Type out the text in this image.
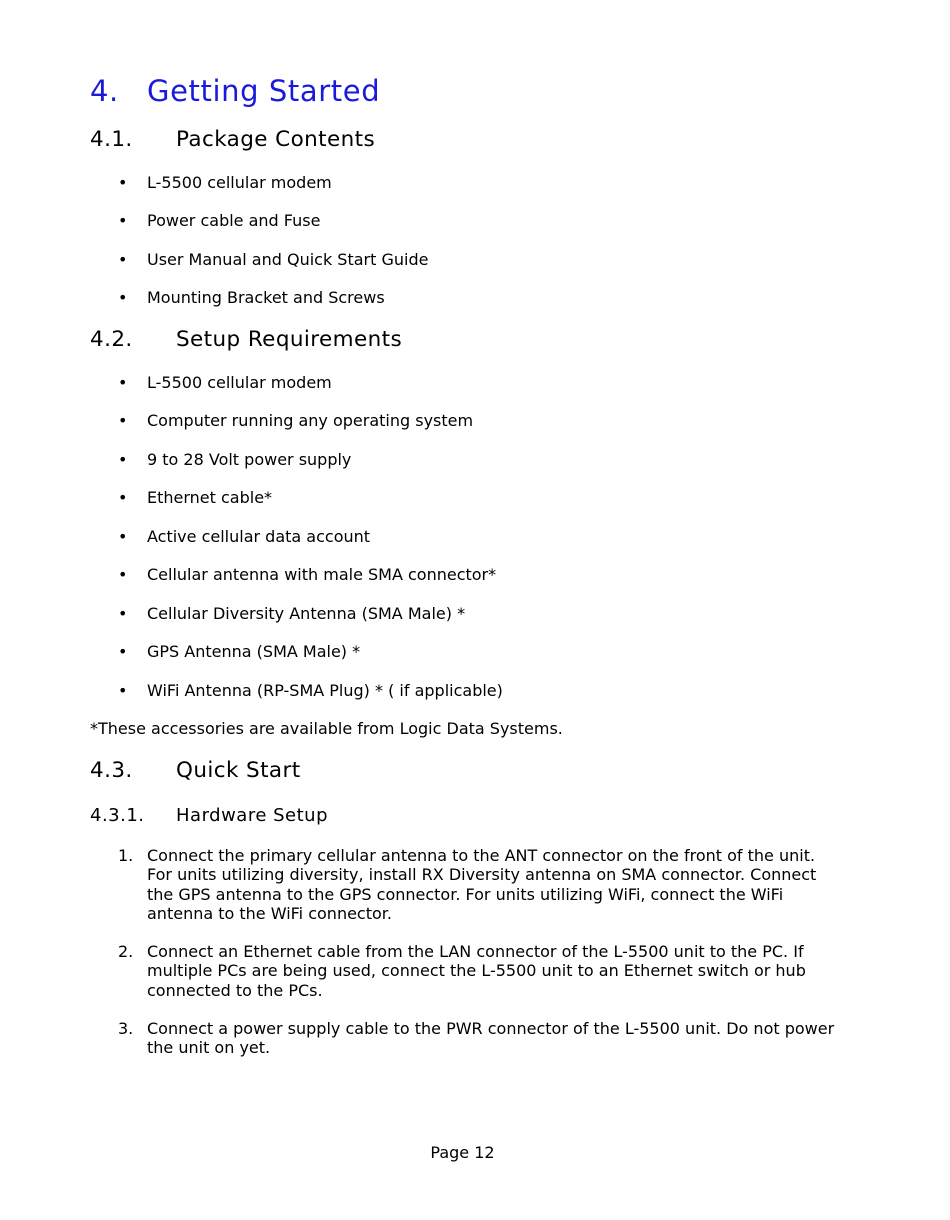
4. Getting Started
4.1. Package Contents
• L-5500 cellular modem
• Power cable and Fuse
• User Manual and Quick Start Guide
• Mounting Bracket and Screws
4.2. Setup Requirements
• L-5500 cellular modem
• Computer running any operating system
• 9 to 28 Volt power supply
• Ethernet cable*
• Active cellular data account
• Cellular antenna with male SMA connector*
• Cellular Diversity Antenna (SMA Male) *
• GPS Antenna (SMA Male) *
• WiFi Antenna (RP-SMA Plug) * ( if applicable)
*These accessories are available from Logic Data Systems.
4.3. Quick Start
4.3.1. Hardware Setup
1. Connect the primary cellular antenna to the ANT connector on the front of the unit. For units utilizing diversity, install RX Diversity antenna on SMA connector. Connect the GPS antenna to the GPS connector. For units utilizing WiFi, connect the WiFi antenna to the WiFi connector.
2. Connect an Ethernet cable from the LAN connector of the L-5500 unit to the PC. If multiple PCs are being used, connect the L-5500 unit to an Ethernet switch or hub connected to the PCs.
3. Connect a power supply cable to the PWR connector of the L-5500 unit. Do not power the unit on yet.
Page 12
